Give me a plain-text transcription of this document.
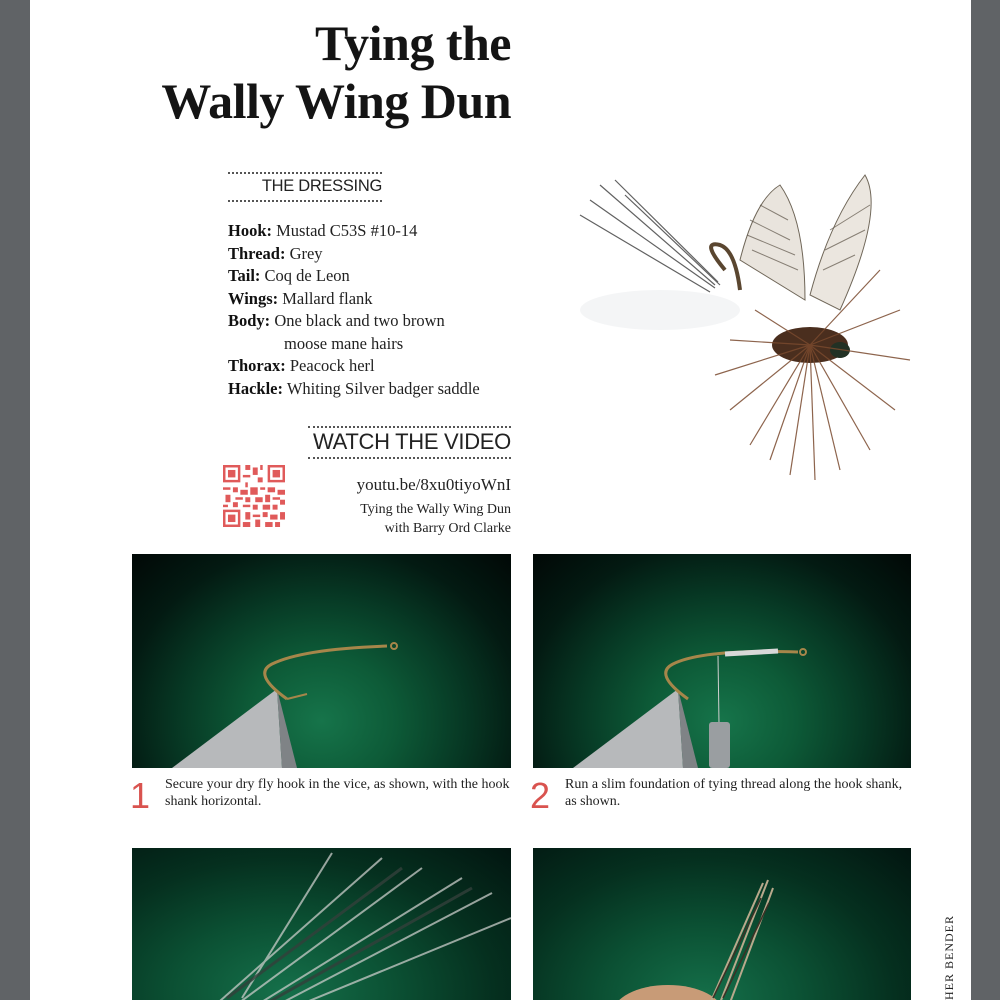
Tying the
Wally Wing Dun
THE DRESSING
Hook: Mustad C53S #10-14
Thread: Grey
Tail: Coq de Leon
Wings: Mallard flank
Body: One black and two brown
moose mane hairs
Thorax: Peacock herl
Hackle: Whiting Silver badger saddle
WATCH THE VIDEO
youtu.be/8xu0tiyoWnI
Tying the Wally Wing Dun
with Barry Ord Clarke
1 Secure your dry fly hook in the vice, as shown, with the hook shank horizontal.	2 Run a slim foundation of tying thread along the hook shank, as shown.
HER BENDER
